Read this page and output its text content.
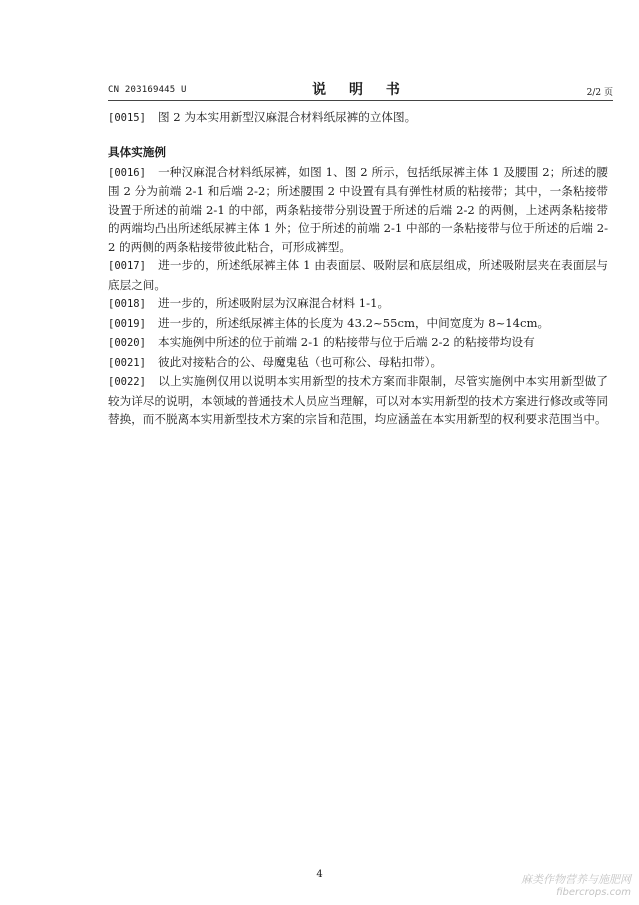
CN 203169445 U	说 明 书	2/2 页

[0015] 图 2 为本实用新型汉麻混合材料纸尿裤的立体图。

具体实施例

[0016] 一种汉麻混合材料纸尿裤，如图 1、图 2 所示，包括纸尿裤主体 1 及腰围 2；所述的腰围 2 分为前端 2-1 和后端 2-2；所述腰围 2 中设置有具有弹性材质的粘接带；其中，一条粘接带设置于所述的前端 2-1 的中部，两条粘接带分别设置于所述的后端 2-2 的两侧，上述两条粘接带的两端均凸出所述纸尿裤主体 1 外；位于所述的前端 2-1 中部的一条粘接带与位于所述的后端 2-2 的两侧的两条粘接带彼此粘合，可形成裤型。

[0017] 进一步的，所述纸尿裤主体 1 由表面层、吸附层和底层组成，所述吸附层夹在表面层与底层之间。

[0018] 进一步的，所述吸附层为汉麻混合材料 1-1。

[0019] 进一步的，所述纸尿裤主体的长度为 43.2~55cm，中间宽度为 8~14cm。

[0020] 本实施例中所述的位于前端 2-1 的粘接带与位于后端 2-2 的粘接带均设有

[0021] 彼此对接粘合的公、母魔鬼毡（也可称公、母粘扣带）。

[0022] 以上实施例仅用以说明本实用新型的技术方案而非限制，尽管实施例中本实用新型做了较为详尽的说明，本领域的普通技术人员应当理解，可以对本实用新型的技术方案进行修改或等同替换，而不脱离本实用新型技术方案的宗旨和范围，均应涵盖在本实用新型的权利要求范围当中。

4	麻类作物营养与施肥网
fibercrops.com
